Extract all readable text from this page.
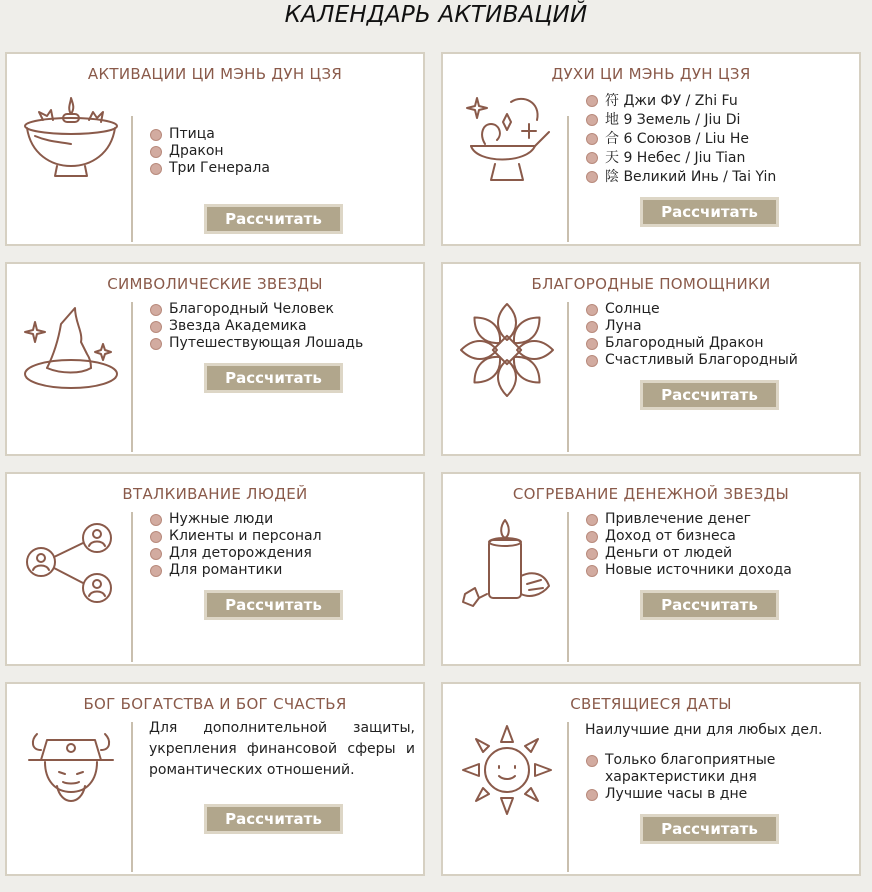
КАЛЕНДАРЬ АКТИВАЦИЙ
АКТИВАЦИИ ЦИ МЭНЬ ДУН ЦЗЯ
Птица
Дракон
Три Генерала
Рассчитать
ДУХИ ЦИ МЭНЬ ДУН ЦЗЯ
符 Джи ФУ / Zhi Fu
地 9 Земель / Jiu Di
合 6 Союзов / Liu He
天 9 Небес / Jiu Tian
陰 Великий Инь / Tai Yin
Рассчитать
СИМВОЛИЧЕСКИЕ ЗВЕЗДЫ
Благородный Человек
Звезда Академика
Путешествующая Лошадь
Рассчитать
БЛАГОРОДНЫЕ ПОМОЩНИКИ
Солнце
Луна
Благородный Дракон
Счастливый Благородный
Рассчитать
ВТАЛКИВАНИЕ ЛЮДЕЙ
Нужные люди
Клиенты и персонал
Для деторождения
Для романтики
Рассчитать
СОГРЕВАНИЕ ДЕНЕЖНОЙ ЗВЕЗДЫ
Привлечение денег
Доход от бизнеса
Деньги от людей
Новые источники дохода
Рассчитать
БОГ БОГАТСТВА И БОГ СЧАСТЬЯ

Для дополнительной защиты, укрепления финансовой сферы и романтических отношений.

Рассчитать
СВЕТЯЩИЕСЯ ДАТЫ

Наилучшие дни для любых дел.

Только благоприятные характеристики дня
Лучшие часы в дне
Рассчитать
